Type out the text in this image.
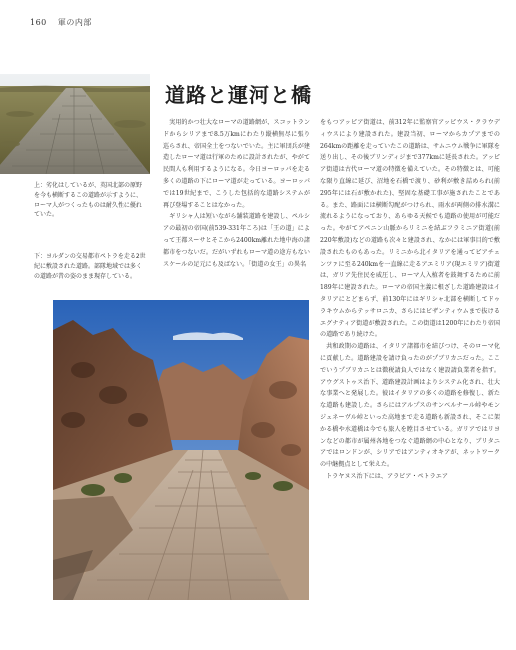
160 軍の内部
上：劣化はしているが、英国北部の原野を今も横断するこの道路が示すように、ローマ人がつくったものは耐久性に優れていた。
下：ヨルダンの交易都市ペトラを走る2世紀に敷設された道路。部隊地域では多くの道路が昔の姿のまま現存している。
道路と運河と橋

実用的かつ壮大なローマの道路網が、スコットランドからシリアまで8.5万kmにわたり縦横無尽に張り巡らされ、帝国全土をつないでいた。主に軍団兵が建造したローマ道は行軍のために設計されたが、やがて民間人も利用するようになる。今日ヨーロッパを走る多くの道路の下にローマ道が走っている。ヨーロッパでは19世紀まで、こうした包括的な道路システムが再び登場することはなかった。

ギリシャ人は短いながら舗装道路を建設し、ペルシアの最初の帝国(前539-331年ころ)は「王の道」によって王都スーサとそこから2400km離れた地中海の諸都市をつないだ。だがいずれもローマ道の途方もないスケールの足元にも及ばない。「街道の女王」の異名

をもつアッピア街道は、前312年に監察官アッピウス・クラウディウスにより建設された。建設当初、ローマからカプアまでの264kmの距離を走っていたこの道路は、サムニウム戦争に軍隊を送り出し、その後ブリンディジまで377kmに延長された。アッピア街道は古代ローマ道の特徴を備えていた。その特徴とは、可能な限り直線に延び、沼地を石橋で渡り、砂利が敷き詰められ(前295年には石が敷かれた)、堅固な基礎工事が施されたことである。また、路面には横断勾配がつけられ、雨水が両側の排水溝に流れるようになっており、あらゆる天候でも道路の使用が可能だった。やがてアペニン山脈からリミニを結ぶフラミニア街道(前220年敷設)などの道路も次々と建設され、なかには軍事目的で敷設されたものもあった。リミニから北イタリアを通ってピアチェンツァに至る240kmを一直線に走るアエミリア(現エミリア)街道は、ガリア先住民を威圧し、ローマ人入植者を鼓舞するために前189年に建設された。ローマの帝国主義に根ざした道路建設はイタリアにとどまらず、前130年にはギリシャ北部を横断してドゥラキウムからテッサロニカ、さらにはビザンティウムまで抜けるエグナティア街道が敷設された。この街道は1200年にわたり帝国の道路であり続けた。

共和政期の道路は、イタリア諸都市を結びつけ、そのローマ化に貢献した。道路建設を請け負ったのがプブリカニだった。ここでいうプブリカニとは徴税請負人ではなく建設請負業者を指す。アウグストゥス治下、道路建設計画はよりシステム化され、壮大な事業へと発展した。彼はイタリアの多くの道路を修復し、新たな道路も建設した。さらにはアルプスのサンベルナール峠やモンジュネーヴル峠といった高地まで走る道路も新設され、そこに架かる橋や水道橋は今でも旅人を瞠目させている。ガリアではリヨンなどの都市が属州各地をつなぐ道路網の中心となり、ブリタニアではロンドンが、シリアではアンティオキアが、ネットワークの中継拠点として栄えた。

トラヤヌス治下には、アラビア・ペトラエア
